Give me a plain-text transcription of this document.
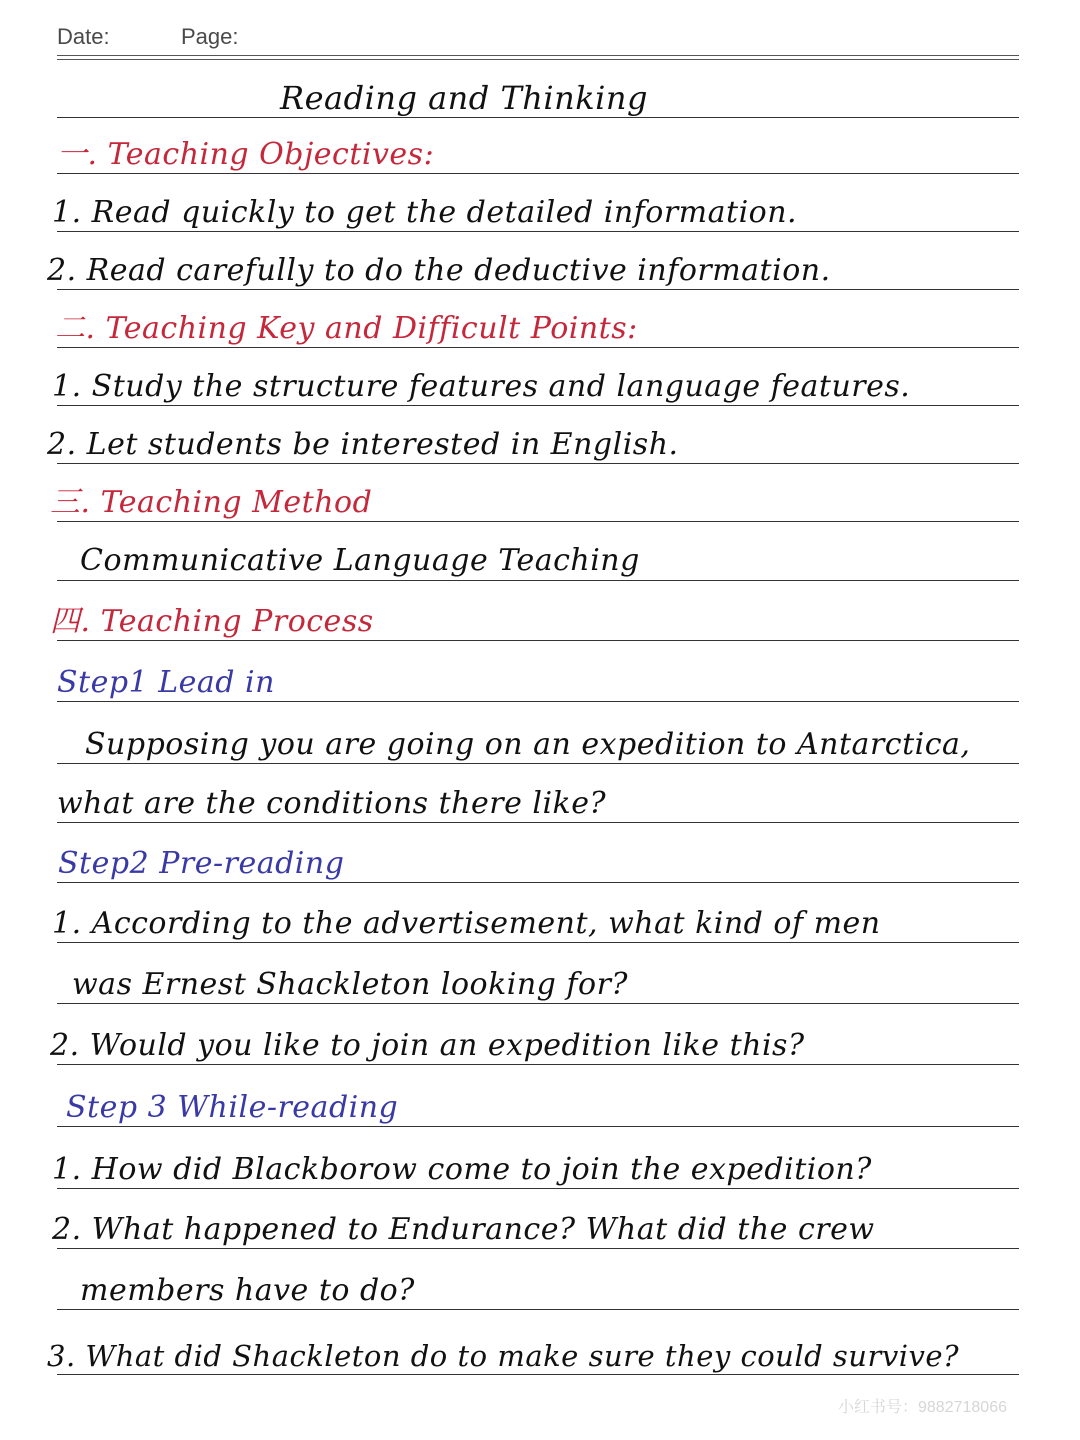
Date:	Page:
Reading and Thinking
一. Teaching Objectives:
1. Read quickly to get the detailed information.
2. Read carefully to do the deductive information.
二. Teaching Key and Difficult Points:
1. Study the structure features and language features.
2. Let students be interested in English.
三. Teaching Method
Communicative Language Teaching
四. Teaching Process
Step1 Lead in
Supposing you are going on an expedition to Antarctica,
what are the conditions there like?
Step2 Pre-reading
1. According to the advertisement, what kind of men
was Ernest Shackleton looking for?
2. Would you like to join an expedition like this?
Step 3 While-reading
1. How did Blackborow come to join the expedition?
2. What happened to Endurance? What did the crew
members have to do?
3. What did Shackleton do to make sure they could survive?
小红书号：9882718066
